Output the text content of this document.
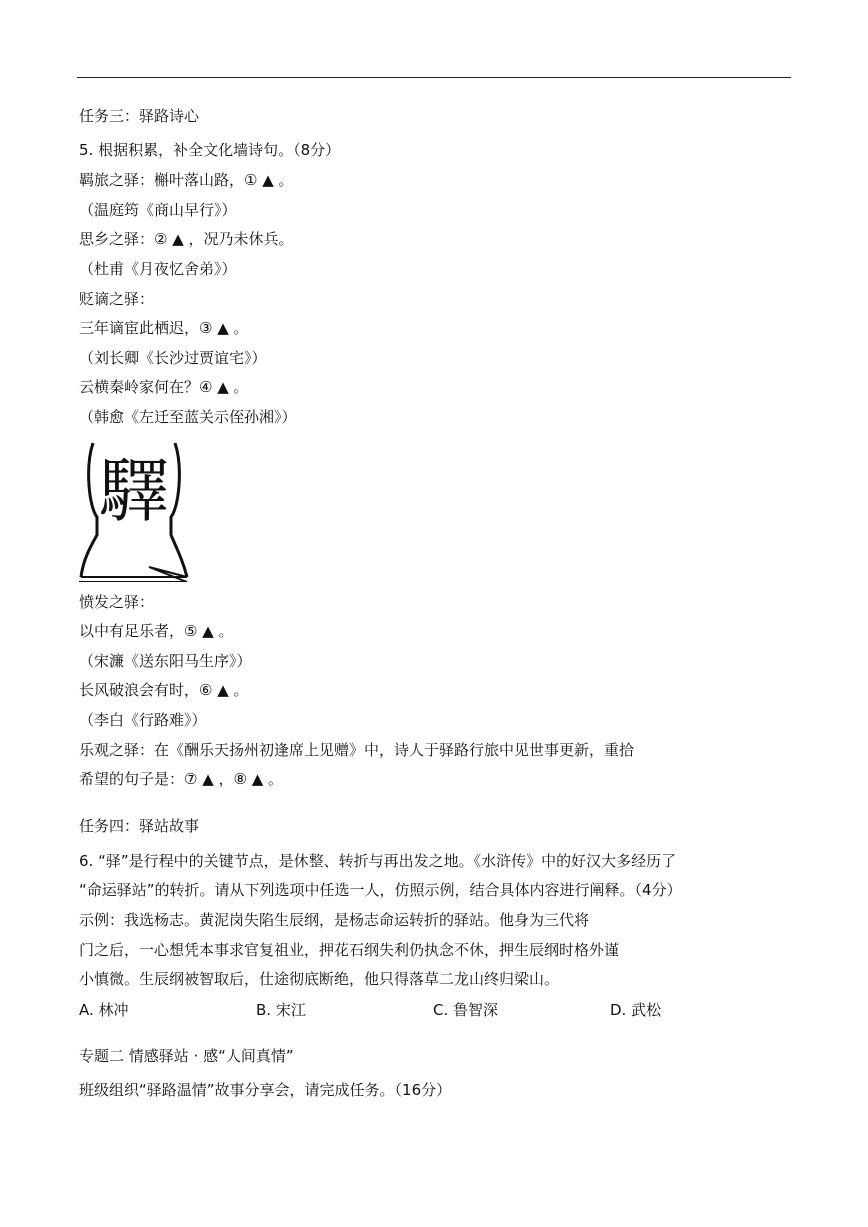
任务三：驿路诗心
5. 根据积累，补全文化墙诗句。（8分）
羁旅之驿：槲叶落山路，① ▲ 。
（温庭筠《商山早行》）
思乡之驿：② ▲ ，况乃未休兵。
（杜甫《月夜忆舍弟》）
贬谪之驿：
三年谪宦此栖迟，③ ▲ 。
（刘长卿《长沙过贾谊宅》）
云横秦岭家何在？④ ▲ 。
（韩愈《左迁至蓝关示侄孙湘》）
驛
愤发之驿：
以中有足乐者，⑤ ▲ 。
（宋濂《送东阳马生序》）
长风破浪会有时，⑥ ▲ 。
（李白《行路难》）
乐观之驿：在《酬乐天扬州初逢席上见赠》中，诗人于驿路行旅中见世事更新，重拾
希望的句子是：⑦ ▲ ，⑧ ▲ 。
任务四：驿站故事
6. “驿”是行程中的关键节点，是休整、转折与再出发之地。《水浒传》中的好汉大多经历了
“命运驿站”的转折。请从下列选项中任选一人，仿照示例，结合具体内容进行阐释。（4分）
示例：我选杨志。黄泥岗失陷生辰纲，是杨志命运转折的驿站。他身为三代将
门之后，一心想凭本事求官复祖业，押花石纲失利仍执念不休，押生辰纲时格外谨
小慎微。生辰纲被智取后，仕途彻底断绝，他只得落草二龙山终归梁山。
A. 林冲	B. 宋江	C. 鲁智深	D. 武松
专题二 情感驿站 · 感“人间真情”
班级组织“驿路温情”故事分享会，请完成任务。（16分）
